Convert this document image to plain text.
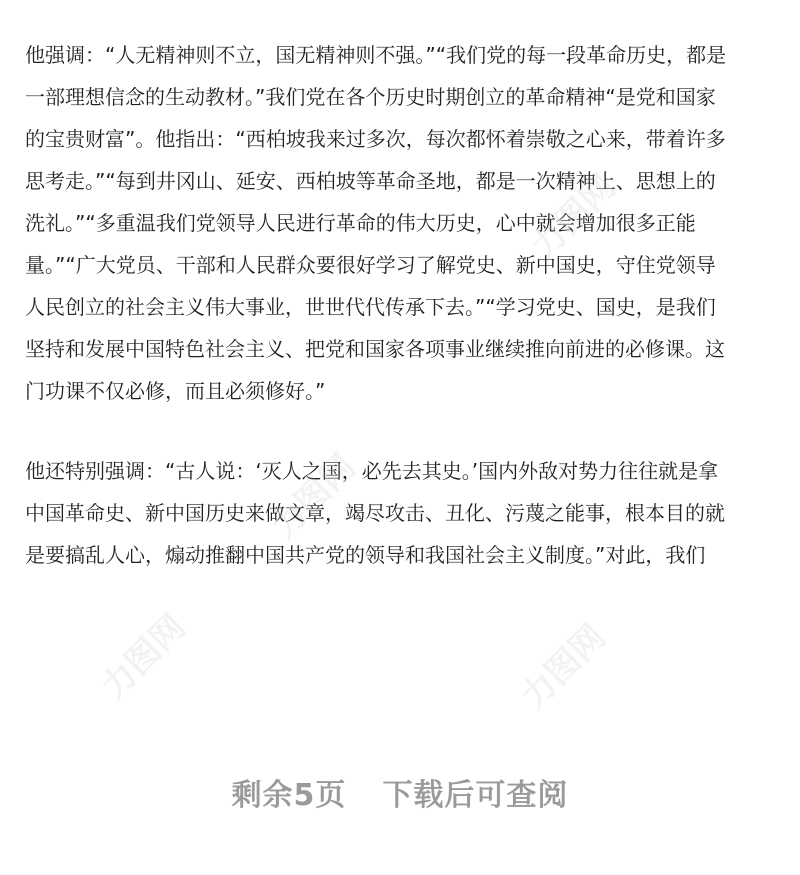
他强调：“人无精神则不立，国无精神则不强。”“我们党的每一段革命历史，都是
一部理想信念的生动教材。”我们党在各个历史时期创立的革命精神“是党和国家
的宝贵财富”。他指出：“西柏坡我来过多次，每次都怀着崇敬之心来，带着许多
思考走。”“每到井冈山、延安、西柏坡等革命圣地，都是一次精神上、思想上的
洗礼。”“多重温我们党领导人民进行革命的伟大历史，心中就会增加很多正能
量。”“广大党员、干部和人民群众要很好学习了解党史、新中国史，守住党领导
人民创立的社会主义伟大事业，世世代代传承下去。”“学习党史、国史，是我们
坚持和发展中国特色社会主义、把党和国家各项事业继续推向前进的必修课。这
门功课不仅必修，而且必须修好。”
他还特别强调：“古人说：‘灭人之国，必先去其史。’国内外敌对势力往往就是拿
中国革命史、新中国历史来做文章，竭尽攻击、丑化、污蔑之能事，根本目的就
是要搞乱人心，煽动推翻中国共产党的领导和我国社会主义制度。”对此，我们
力图网
力图网
力图网	力图网
剩余5页 下载后可查阅
